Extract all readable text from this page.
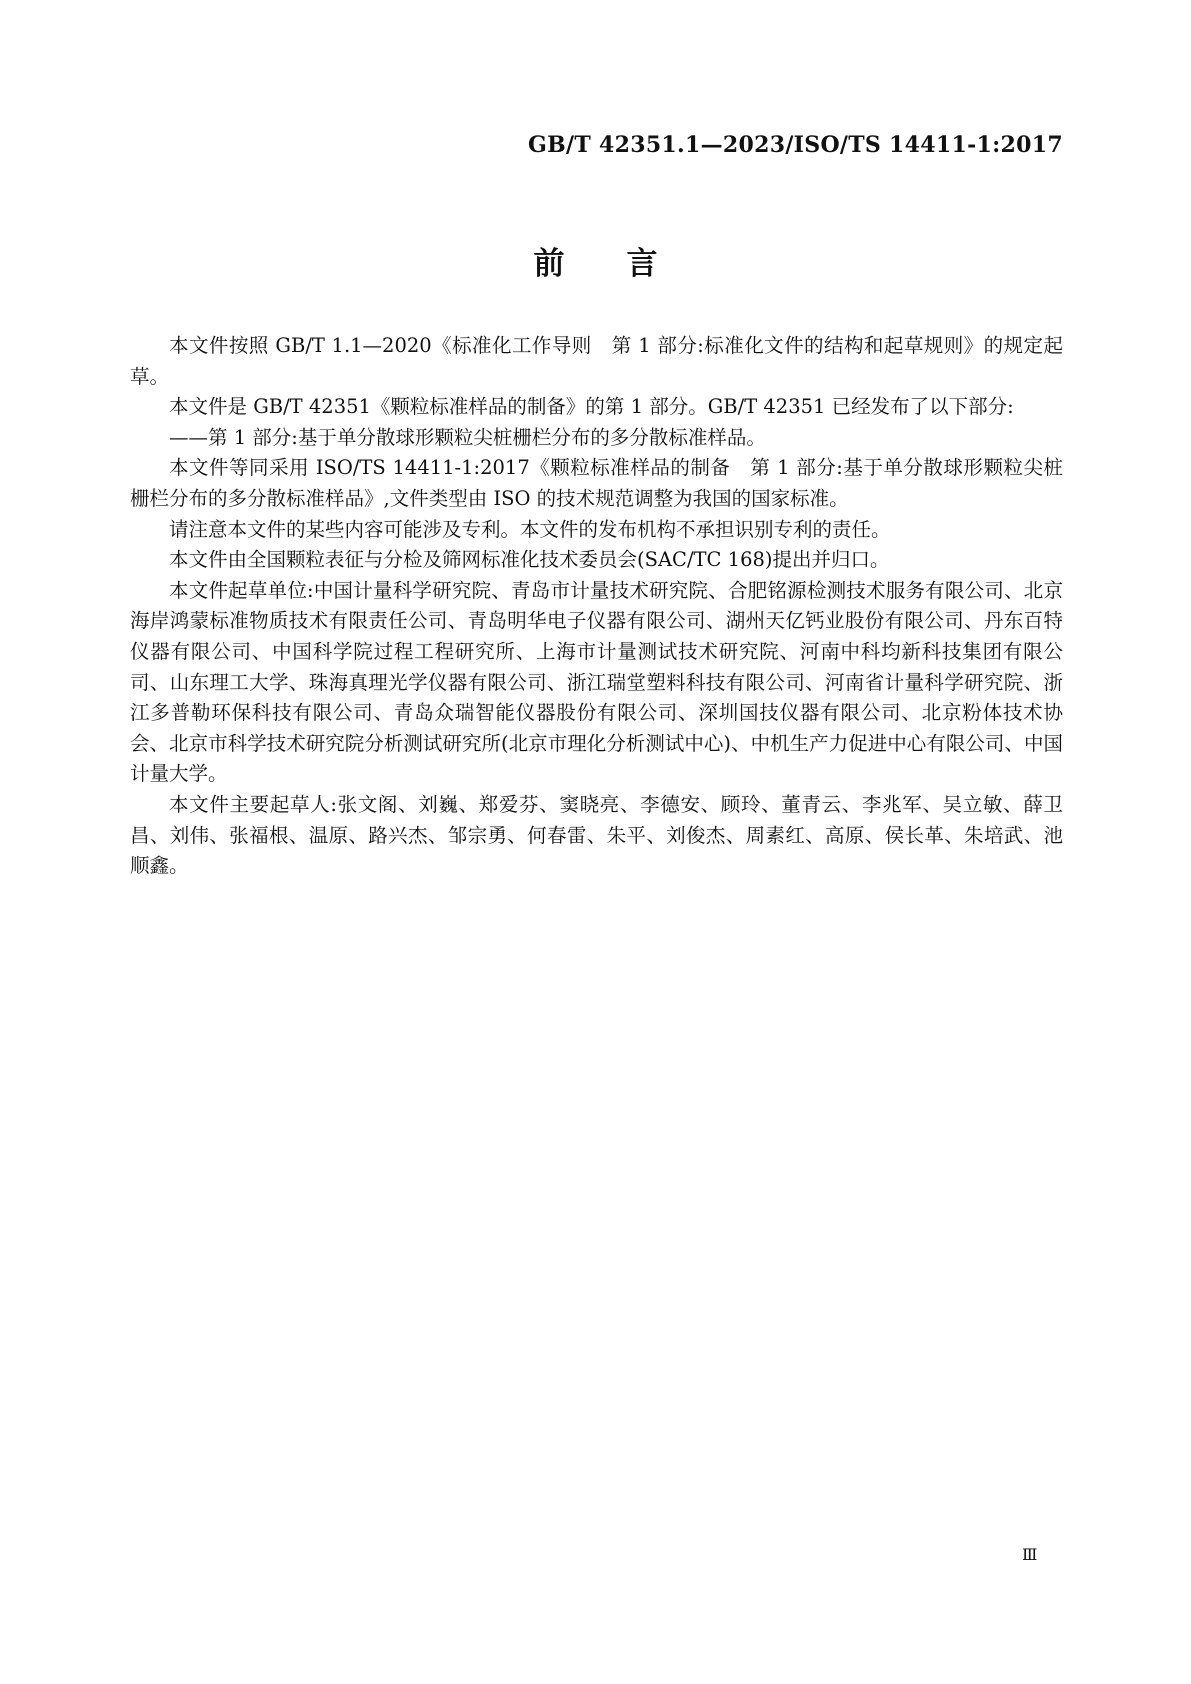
GB/T 42351.1—2023/ISO/TS 14411-1:2017
前　　言

本文件按照 GB/T 1.1—2020《标准化工作导则　第 1 部分:标准化文件的结构和起草规则》的规定起草。

本文件是 GB/T 42351《颗粒标准样品的制备》的第 1 部分。GB/T 42351 已经发布了以下部分:

——第 1 部分:基于单分散球形颗粒尖桩栅栏分布的多分散标准样品。

本文件等同采用 ISO/TS 14411-1:2017《颗粒标准样品的制备　第 1 部分:基于单分散球形颗粒尖桩栅栏分布的多分散标准样品》,文件类型由 ISO 的技术规范调整为我国的国家标准。

请注意本文件的某些内容可能涉及专利。本文件的发布机构不承担识别专利的责任。

本文件由全国颗粒表征与分检及筛网标准化技术委员会(SAC/TC 168)提出并归口。

本文件起草单位:中国计量科学研究院、青岛市计量技术研究院、合肥铭源检测技术服务有限公司、北京海岸鸿蒙标准物质技术有限责任公司、青岛明华电子仪器有限公司、湖州天亿钙业股份有限公司、丹东百特仪器有限公司、中国科学院过程工程研究所、上海市计量测试技术研究院、河南中科均新科技集团有限公司、山东理工大学、珠海真理光学仪器有限公司、浙江瑞堂塑料科技有限公司、河南省计量科学研究院、浙江多普勒环保科技有限公司、青岛众瑞智能仪器股份有限公司、深圳国技仪器有限公司、北京粉体技术协会、北京市科学技术研究院分析测试研究所(北京市理化分析测试中心)、中机生产力促进中心有限公司、中国计量大学。

本文件主要起草人:张文阁、刘巍、郑爱芬、窦晓亮、李德安、顾玲、董青云、李兆军、吴立敏、薛卫昌、刘伟、张福根、温原、路兴杰、邹宗勇、何春雷、朱平、刘俊杰、周素红、高原、侯长革、朱培武、池顺鑫。

Ⅲ
